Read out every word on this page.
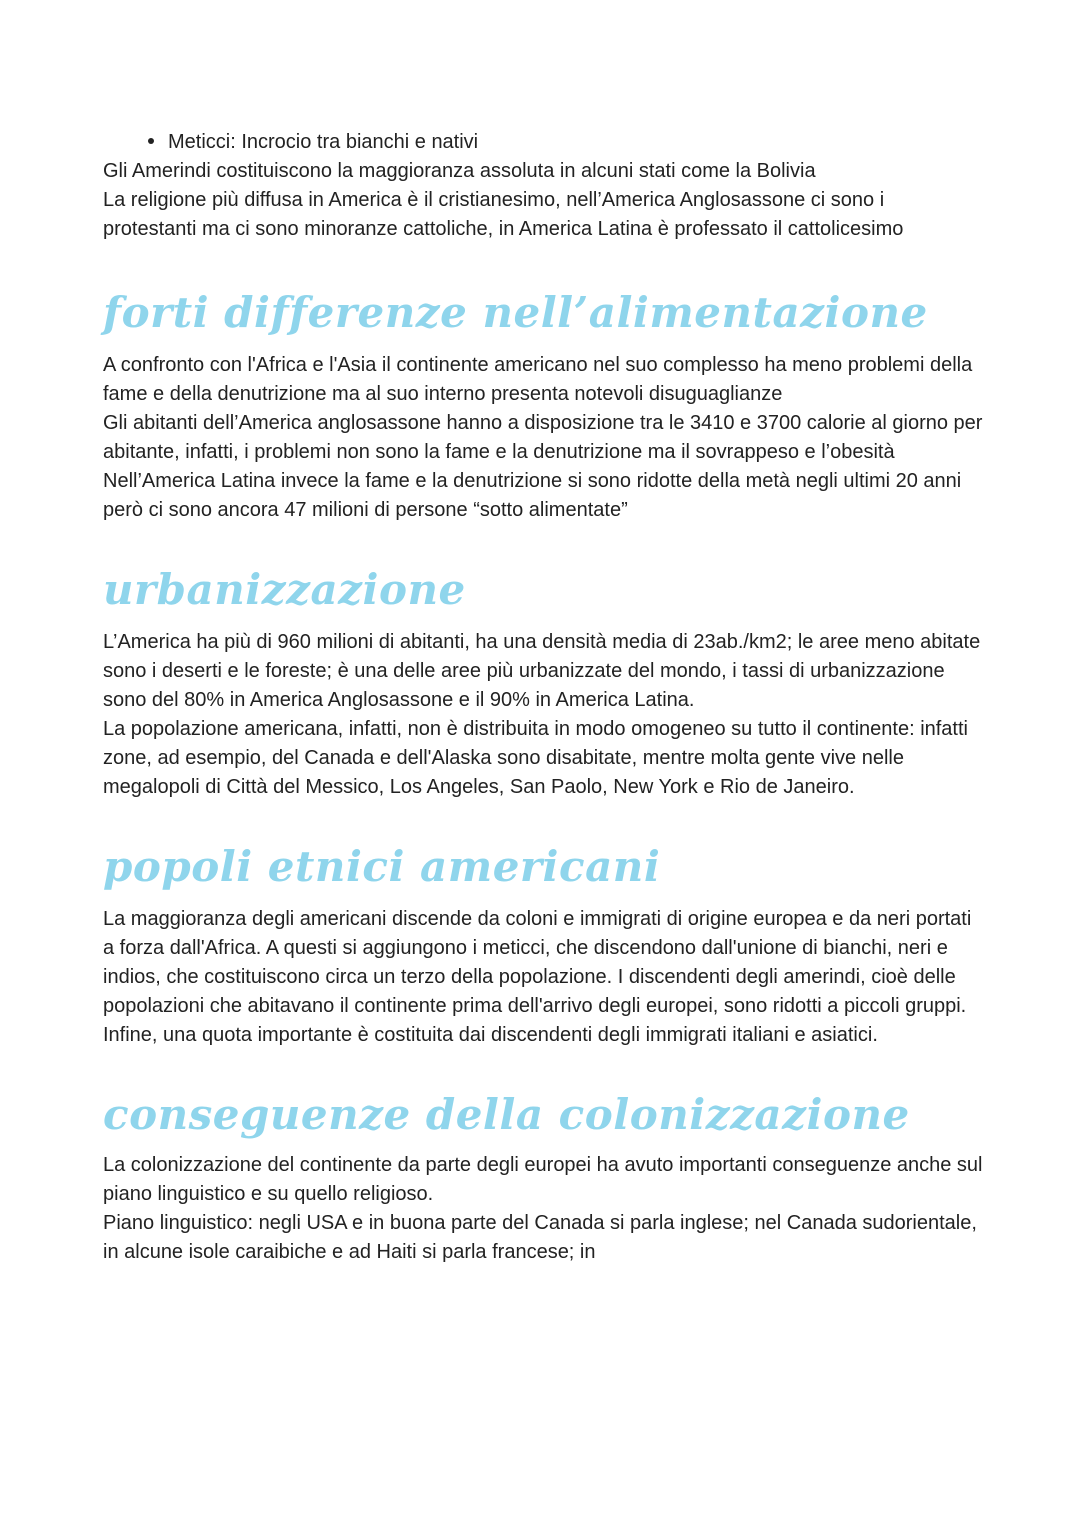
Meticci: Incrocio tra bianchi e nativi

Gli Amerindi costituiscono la maggioranza assoluta in alcuni stati come la Bolivia

La religione più diffusa in America è il cristianesimo, nell’America Anglosassone ci sono i protestanti ma ci sono minoranze cattoliche, in America Latina è professato il cattolicesimo

forti differenze nell’alimentazione

A confronto con l'Africa e l'Asia il continente americano nel suo complesso ha meno problemi della fame e della denutrizione ma al suo interno presenta notevoli disuguaglianze

Gli abitanti dell’America anglosassone hanno a disposizione tra le 3410 e 3700 calorie al giorno per abitante, infatti, i problemi non sono la fame e la denutrizione ma il sovrappeso e l’obesità

Nell’America Latina invece la fame e la denutrizione si sono ridotte della metà negli ultimi 20 anni però ci sono ancora 47 milioni di persone “sotto alimentate”

urbanizzazione

L’America ha più di 960 milioni di abitanti, ha una densità media di 23ab./km2; le aree meno abitate sono i deserti e le foreste; è una delle aree più urbanizzate del mondo, i tassi di urbanizzazione sono del 80% in America Anglosassone e il 90% in America Latina.

La popolazione americana, infatti, non è distribuita in modo omogeneo su tutto il continente: infatti zone, ad esempio, del Canada e dell'Alaska sono disabitate, mentre molta gente vive nelle megalopoli di Città del Messico, Los Angeles, San Paolo, New York e Rio de Janeiro.

popoli etnici americani

La maggioranza degli americani discende da coloni e immigrati di origine europea e da neri portati a forza dall'Africa. A questi si aggiungono i meticci, che discendono dall'unione di bianchi, neri e indios, che costituiscono circa un terzo della popolazione. I discendenti degli amerindi, cioè delle popolazioni che abitavano il continente prima dell'arrivo degli europei, sono ridotti a piccoli gruppi. Infine, una quota importante è costituita dai discendenti degli immigrati italiani e asiatici.

conseguenze della colonizzazione

La colonizzazione del continente da parte degli europei ha avuto importanti conseguenze anche sul piano linguistico e su quello religioso.

Piano linguistico: negli USA e in buona parte del Canada si parla inglese; nel Canada sudorientale, in alcune isole caraibiche e ad Haiti si parla francese; in
